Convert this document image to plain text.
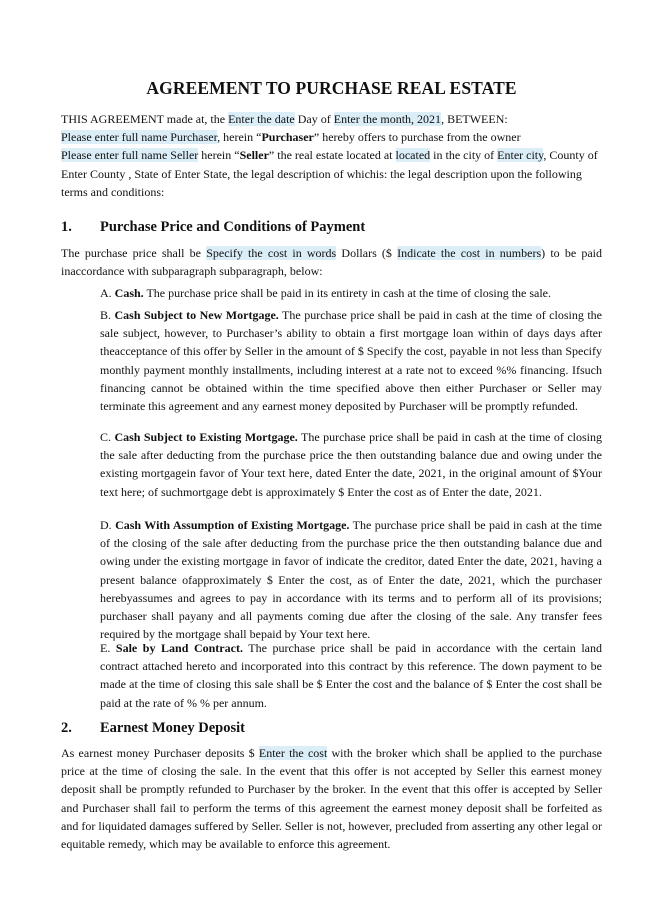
AGREEMENT TO PURCHASE REAL ESTATE

THIS AGREEMENT made at, the Enter the date Day of Enter the month, 2021, BETWEEN:
Please enter full name Purchaser, herein “Purchaser” hereby offers to purchase from the owner
Please enter full name Seller herein “Seller” the real estate located at located in the city of Enter city, County of Enter County , State of Enter State, the legal description of whichis: the legal description upon the following terms and conditions:

1. Purchase Price and Conditions of Payment

The purchase price shall be Specify the cost in words Dollars ($ Indicate the cost in numbers) to be paid inaccordance with subparagraph subparagraph, below:

A. Cash. The purchase price shall be paid in its entirety in cash at the time of closing the sale.

B. Cash Subject to New Mortgage. The purchase price shall be paid in cash at the time of closing the sale subject, however, to Purchaser’s ability to obtain a first mortgage loan within of days days after theacceptance of this offer by Seller in the amount of $ Specify the cost, payable in not less than Specify monthly payment monthly installments, including interest at a rate not to exceed %% financing. Ifsuch financing cannot be obtained within the time specified above then either Purchaser or Seller may terminate this agreement and any earnest money deposited by Purchaser will be promptly refunded.

C. Cash Subject to Existing Mortgage. The purchase price shall be paid in cash at the time of closing the sale after deducting from the purchase price the then outstanding balance due and owing under the existing mortgagein favor of Your text here, dated Enter the date, 2021, in the original amount of $Your text here; of suchmortgage debt is approximately $ Enter the cost as of Enter the date, 2021.

D. Cash With Assumption of Existing Mortgage. The purchase price shall be paid in cash at the time of the closing of the sale after deducting from the purchase price the then outstanding balance due and owing under the existing mortgage in favor of indicate the creditor, dated Enter the date, 2021, having a present balance ofapproximately $ Enter the cost, as of Enter the date, 2021, which the purchaser herebyassumes and agrees to pay in accordance with its terms and to perform all of its provisions; purchaser shall payany and all payments coming due after the closing of the sale. Any transfer fees required by the mortgage shall bepaid by Your text here.

E. Sale by Land Contract. The purchase price shall be paid in accordance with the certain land contract attached hereto and incorporated into this contract by this reference. The down payment to be made at the time of closing this sale shall be $ Enter the cost and the balance of $ Enter the cost shall be paid at the rate of % % per annum.

2. Earnest Money Deposit

As earnest money Purchaser deposits $ Enter the cost with the broker which shall be applied to the purchase price at the time of closing the sale. In the event that this offer is not accepted by Seller this earnest money deposit shall be promptly refunded to Purchaser by the broker. In the event that this offer is accepted by Seller and Purchaser shall fail to perform the terms of this agreement the earnest money deposit shall be forfeited as and for liquidated damages suffered by Seller. Seller is not, however, precluded from asserting any other legal or equitable remedy, which may be available to enforce this agreement.
